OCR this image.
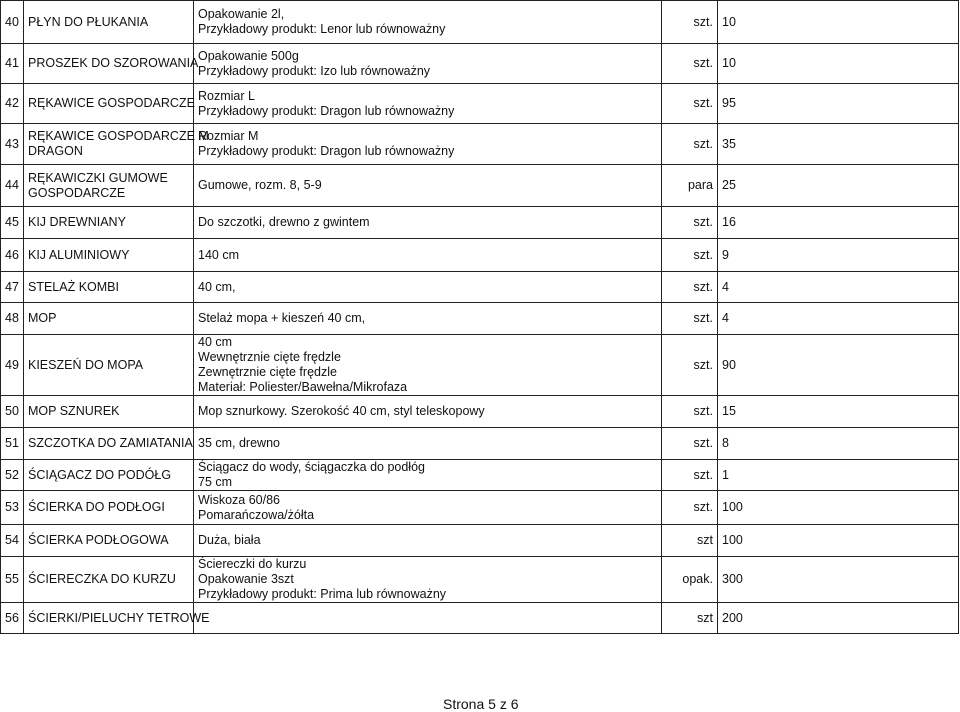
40	PŁYN DO PŁUKANIA	Opakowanie 2l,
Przykładowy produkt: Lenor lub równoważny	szt.	10
41	PROSZEK DO SZOROWANIA	Opakowanie 500g
Przykładowy produkt: Izo lub równoważny	szt.	10
42	RĘKAWICE GOSPODARCZE	Rozmiar L
Przykładowy produkt: Dragon lub równoważny	szt.	95
43	RĘKAWICE GOSPODARCZE M
DRAGON	Rozmiar M
Przykładowy produkt: Dragon lub równoważny	szt.	35
44	RĘKAWICZKI GUMOWE
GOSPODARCZE	Gumowe, rozm. 8, 5-9	para	25
45	KIJ DREWNIANY	Do szczotki, drewno z gwintem	szt.	16
46	KIJ ALUMINIOWY	140 cm	szt.	9
47	STELAŻ KOMBI	40 cm,	szt.	4
48	MOP	Stelaż mopa + kieszeń 40 cm,	szt.	4
49	KIESZEŃ DO MOPA	40 cm
Wewnętrznie cięte frędzle
Zewnętrznie cięte frędzle
Materiał: Poliester/Bawełna/Mikrofaza	szt.	90
50	MOP SZNUREK	Mop sznurkowy. Szerokość 40 cm, styl teleskopowy	szt.	15
51	SZCZOTKA DO ZAMIATANIA	35 cm, drewno	szt.	8
52	ŚCIĄGACZ DO PODÓŁG	Ściągacz do wody, ściągaczka do podłóg
75 cm	szt.	1
53	ŚCIERKA DO PODŁOGI	Wiskoza 60/86
Pomarańczowa/żółta	szt.	100
54	ŚCIERKA PODŁOGOWA	Duża, biała	szt	100
55	ŚCIERECZKA DO KURZU	Ściereczki do kurzu
Opakowanie 3szt
Przykładowy produkt: Prima lub równoważny	opak.	300
56	ŚCIERKI/PIELUCHY TETROWE		szt	200
Strona 5 z 6
